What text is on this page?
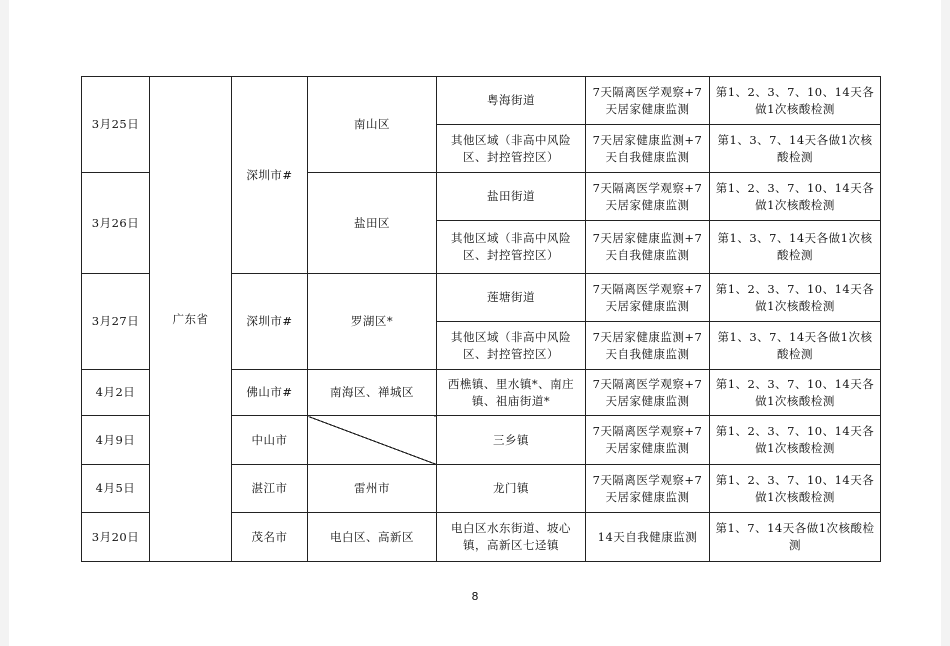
3月25日	广东省	深圳市#	南山区	粤海街道	7天隔离医学观察+7天居家健康监测	第1、2、3、7、10、14天各做1次核酸检测
				其他区域（非高中风险区、封控管控区）	7天居家健康监测+7天自我健康监测	第1、3、7、14天各做1次核酸检测
3月26日			盐田区	盐田街道	7天隔离医学观察+7天居家健康监测	第1、2、3、7、10、14天各做1次核酸检测
				其他区域（非高中风险区、封控管控区）	7天居家健康监测+7天自我健康监测	第1、3、7、14天各做1次核酸检测
3月27日		深圳市#	罗湖区*	莲塘街道	7天隔离医学观察+7天居家健康监测	第1、2、3、7、10、14天各做1次核酸检测
				其他区域（非高中风险区、封控管控区）	7天居家健康监测+7天自我健康监测	第1、3、7、14天各做1次核酸检测
4月2日		佛山市#	南海区、禅城区	西樵镇、里水镇*、南庄镇、祖庙街道*	7天隔离医学观察+7天居家健康监测	第1、2、3、7、10、14天各做1次核酸检测
4月9日		中山市		三乡镇	7天隔离医学观察+7天居家健康监测	第1、2、3、7、10、14天各做1次核酸检测
4月5日		湛江市	雷州市	龙门镇	7天隔离医学观察+7天居家健康监测	第1、2、3、7、10、14天各做1次核酸检测
3月20日		茂名市	电白区、高新区	电白区水东街道、坡心镇，高新区七迳镇	14天自我健康监测	第1、7、14天各做1次核酸检测
8
